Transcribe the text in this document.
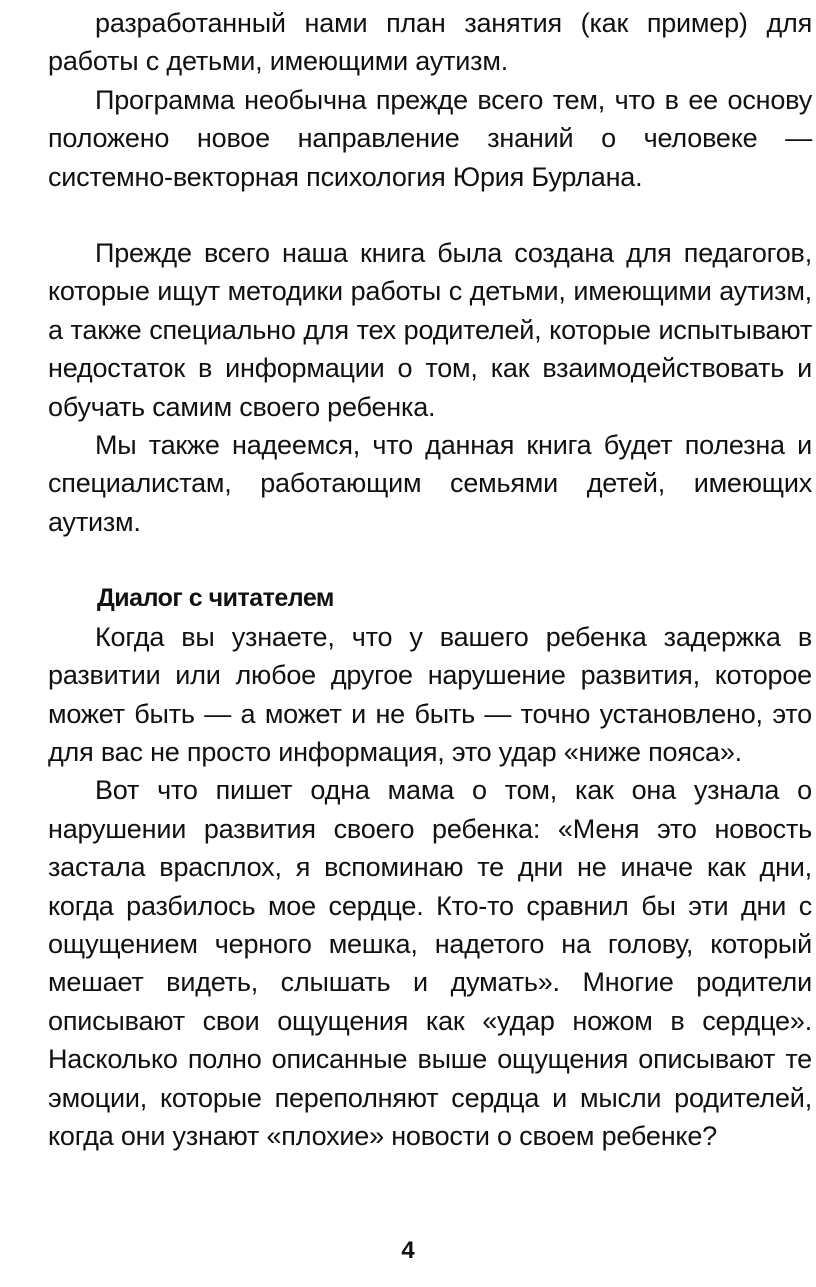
разработанный нами план занятия (как пример) для работы с детьми, имеющими аутизм.

Программа необычна прежде всего тем, что в ее основу положено новое направление знаний о человеке — системно-векторная психология Юрия Бурлана.

Прежде всего наша книга была создана для педагогов, которые ищут методики работы с детьми, имеющими аутизм, а также специально для тех родителей, которые испытывают недостаток в информации о том, как взаимодействовать и обучать самим своего ребенка.

Мы также надеемся, что данная книга будет полезна и специалистам, работающим семьями детей, имеющих аутизм.

Диалог с читателем

Когда вы узнаете, что у вашего ребенка задержка в развитии или любое другое нарушение развития, которое может быть — а может и не быть — точно установлено, это для вас не просто информация, это удар «ниже пояса».

Вот что пишет одна мама о том, как она узнала о нарушении развития своего ребенка: «Меня это новость застала врасплох, я вспоминаю те дни не иначе как дни, когда разбилось мое сердце. Кто-то сравнил бы эти дни с ощущением черного мешка, надетого на голову, который мешает видеть, слышать и думать». Многие родители описывают свои ощущения как «удар ножом в сердце». Насколько полно описанные выше ощущения описывают те эмоции, которые переполняют сердца и мысли родителей, когда они узнают «плохие» новости о своем ребенке?

4
